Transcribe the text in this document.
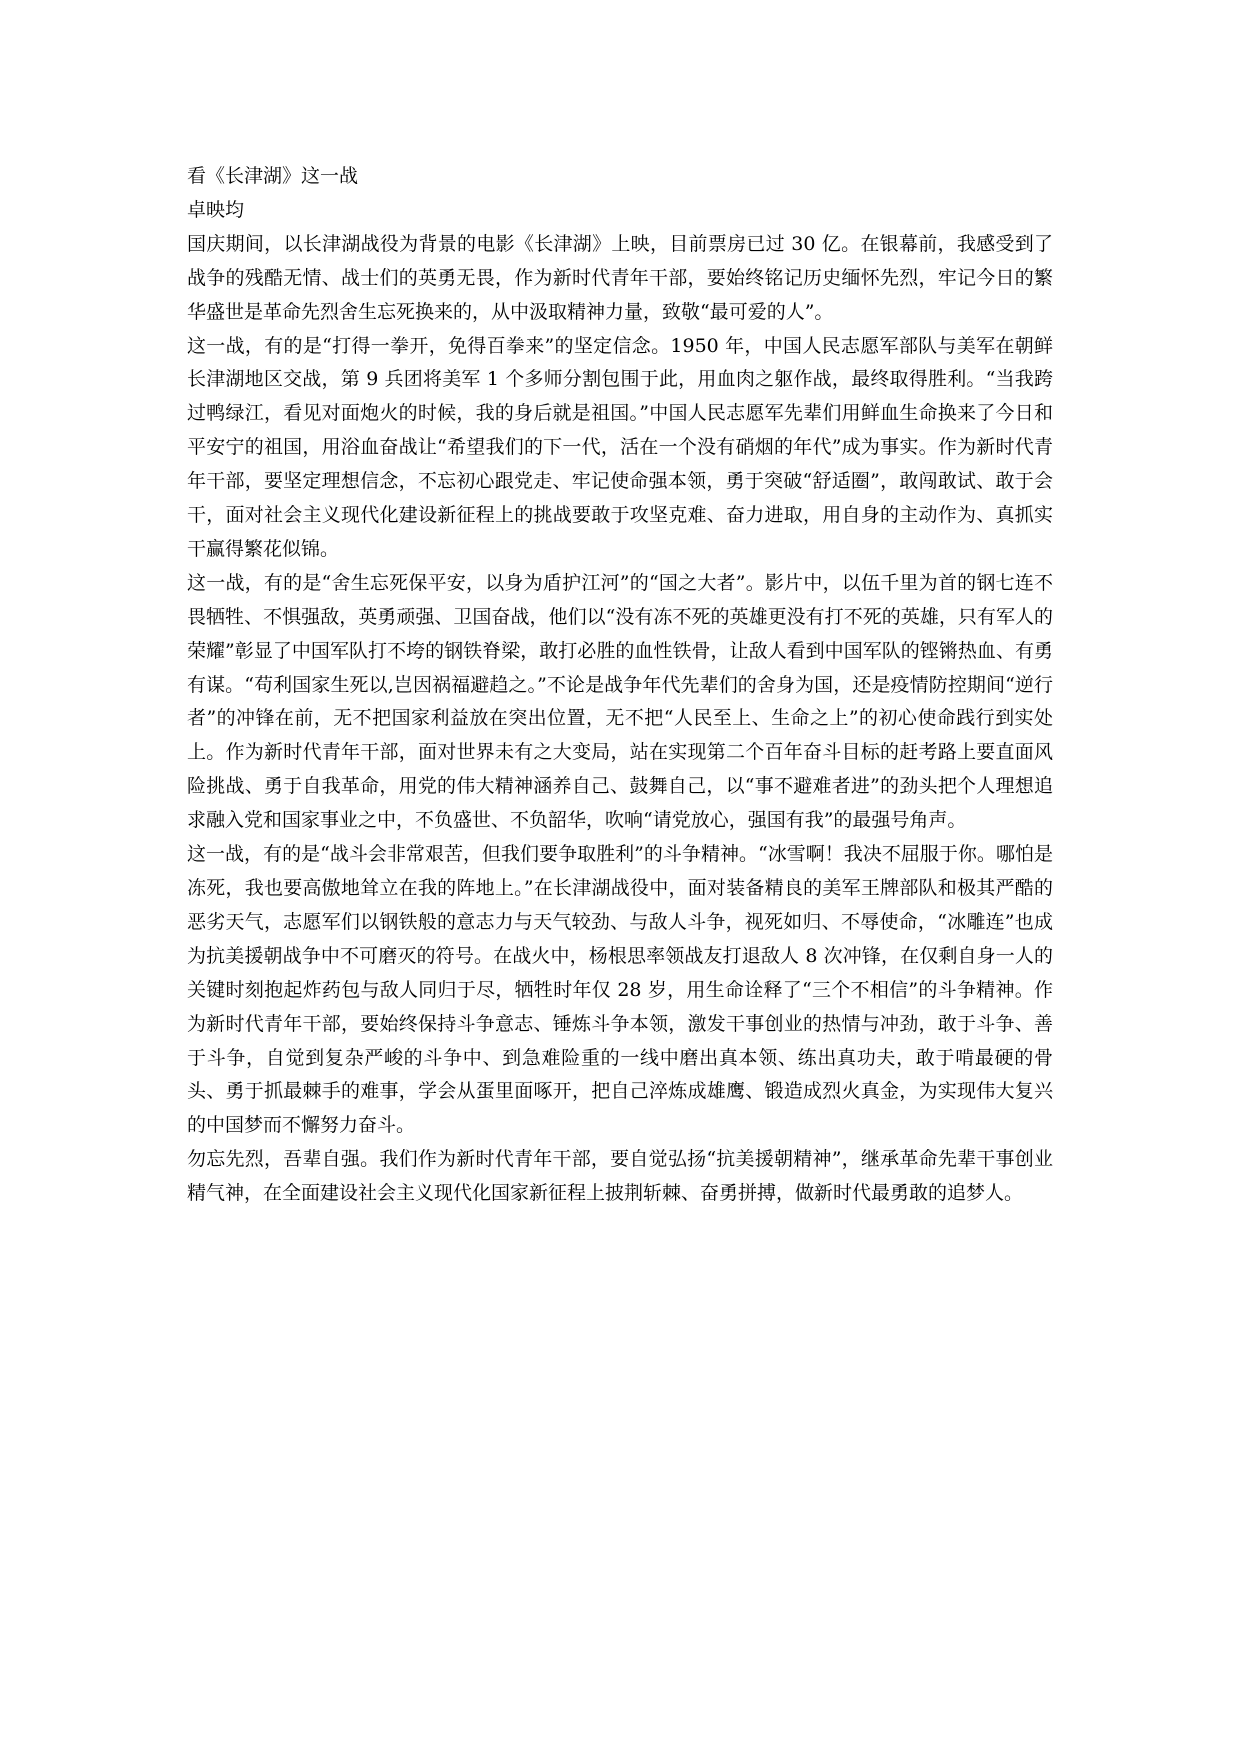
看《长津湖》这一战
卓映均

国庆期间，以长津湖战役为背景的电影《长津湖》上映，目前票房已过 30 亿。在银幕前，我感受到了战争的残酷无情、战士们的英勇无畏，作为新时代青年干部，要始终铭记历史缅怀先烈，牢记今日的繁华盛世是革命先烈舍生忘死换来的，从中汲取精神力量，致敬“最可爱的人”。

这一战，有的是“打得一拳开，免得百拳来”的坚定信念。1950 年，中国人民志愿军部队与美军在朝鲜长津湖地区交战，第 9 兵团将美军 1 个多师分割包围于此，用血肉之躯作战，最终取得胜利。“当我跨过鸭绿江，看见对面炮火的时候，我的身后就是祖国。”中国人民志愿军先辈们用鲜血生命换来了今日和平安宁的祖国，用浴血奋战让“希望我们的下一代，活在一个没有硝烟的年代”成为事实。作为新时代青年干部，要坚定理想信念，不忘初心跟党走、牢记使命强本领，勇于突破“舒适圈”，敢闯敢试、敢于会干，面对社会主义现代化建设新征程上的挑战要敢于攻坚克难、奋力进取，用自身的主动作为、真抓实干赢得繁花似锦。

这一战，有的是“舍生忘死保平安，以身为盾护江河”的“国之大者”。影片中，以伍千里为首的钢七连不畏牺牲、不惧强敌，英勇顽强、卫国奋战，他们以“没有冻不死的英雄更没有打不死的英雄，只有军人的荣耀”彰显了中国军队打不垮的钢铁脊梁，敢打必胜的血性铁骨，让敌人看到中国军队的铿锵热血、有勇有谋。“苟利国家生死以,岂因祸福避趋之。”不论是战争年代先辈们的舍身为国，还是疫情防控期间“逆行者”的冲锋在前，无不把国家利益放在突出位置，无不把“人民至上、生命之上”的初心使命践行到实处上。作为新时代青年干部，面对世界未有之大变局，站在实现第二个百年奋斗目标的赶考路上要直面风险挑战、勇于自我革命，用党的伟大精神涵养自己、鼓舞自己，以“事不避难者进”的劲头把个人理想追求融入党和国家事业之中，不负盛世、不负韶华，吹响“请党放心，强国有我”的最强号角声。

这一战，有的是“战斗会非常艰苦，但我们要争取胜利”的斗争精神。“冰雪啊！我决不屈服于你。哪怕是冻死，我也要高傲地耸立在我的阵地上。”在长津湖战役中，面对装备精良的美军王牌部队和极其严酷的恶劣天气，志愿军们以钢铁般的意志力与天气较劲、与敌人斗争，视死如归、不辱使命，“冰雕连”也成为抗美援朝战争中不可磨灭的符号。在战火中，杨根思率领战友打退敌人 8 次冲锋，在仅剩自身一人的关键时刻抱起炸药包与敌人同归于尽，牺牲时年仅 28 岁，用生命诠释了“三个不相信”的斗争精神。作为新时代青年干部，要始终保持斗争意志、锤炼斗争本领，激发干事创业的热情与冲劲，敢于斗争、善于斗争，自觉到复杂严峻的斗争中、到急难险重的一线中磨出真本领、练出真功夫，敢于啃最硬的骨头、勇于抓最棘手的难事，学会从蛋里面啄开，把自己淬炼成雄鹰、锻造成烈火真金，为实现伟大复兴的中国梦而不懈努力奋斗。

勿忘先烈，吾辈自强。我们作为新时代青年干部，要自觉弘扬“抗美援朝精神”，继承革命先辈干事创业精气神，在全面建设社会主义现代化国家新征程上披荆斩棘、奋勇拼搏，做新时代最勇敢的追梦人。
